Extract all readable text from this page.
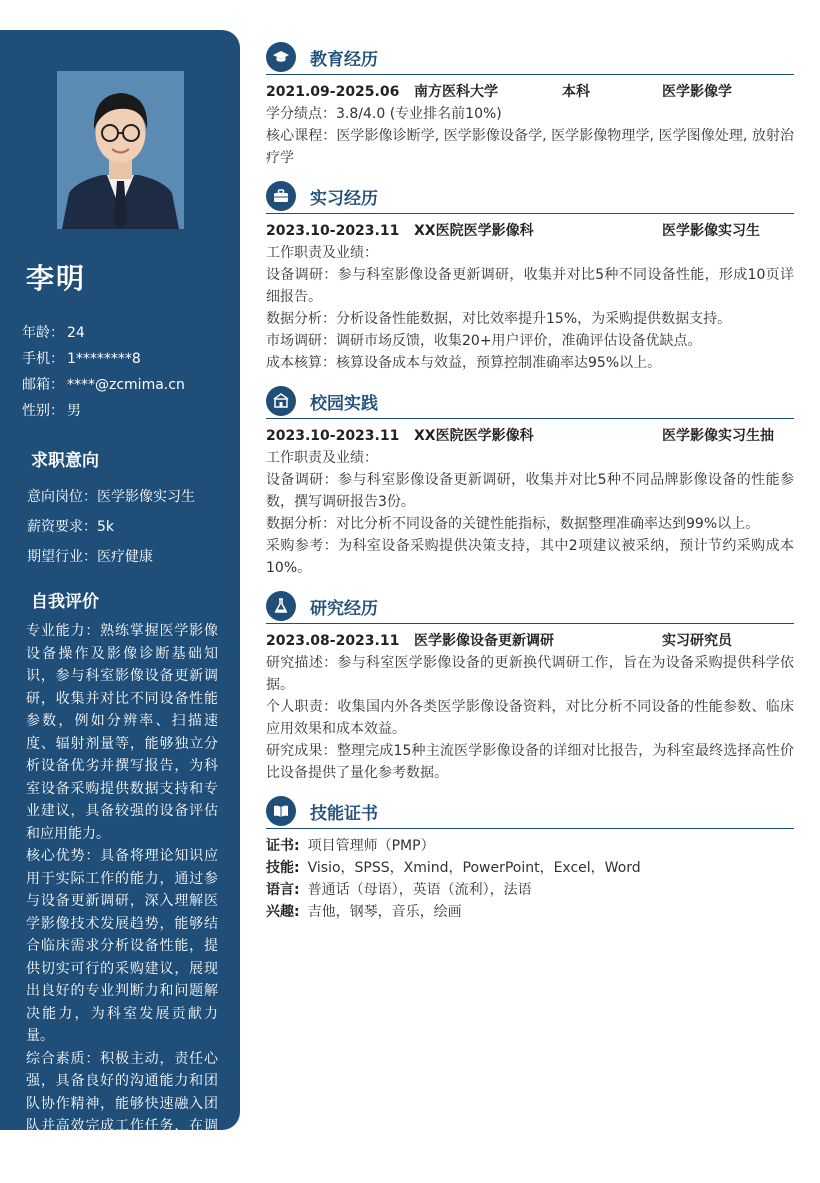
李明
年龄： 24
手机： 1********8
邮箱： ****@zcmima.cn
性别： 男
求职意向
意向岗位：医学影像实习生
薪资要求：5k
期望行业：医疗健康
自我评价

专业能力：熟练掌握医学影像设备操作及影像诊断基础知识，参与科室影像设备更新调研，收集并对比不同设备性能参数，例如分辨率、扫描速度、辐射剂量等，能够独立分析设备优劣并撰写报告，为科室设备采购提供数据支持和专业建议，具备较强的设备评估和应用能力。

核心优势：具备将理论知识应用于实际工作的能力，通过参与设备更新调研，深入理解医学影像技术发展趋势，能够结合临床需求分析设备性能，提供切实可行的采购建议，展现出良好的专业判断力和问题解决能力，为科室发展贡献力量。

综合素质：积极主动，责任心强，具备良好的沟通能力和团队协作精神，能够快速融入团队并高效完成工作任务，在调研过程中，与同事、供应商保持良好沟通。

教育经历
2021.09-2025.06	南方医科大学	本科	医学影像学
学分绩点：3.8/4.0 (专业排名前10%)
核心课程：医学影像诊断学, 医学影像设备学, 医学影像物理学, 医学图像处理, 放射治疗学
实习经历
2023.10-2023.11	XX医院医学影像科	医学影像实习生
工作职责及业绩：
设备调研：参与科室影像设备更新调研，收集并对比5种不同设备性能，形成10页详细报告。
数据分析：分析设备性能数据，对比效率提升15%，为采购提供数据支持。
市场调研：调研市场反馈，收集20+用户评价，准确评估设备优缺点。
成本核算：核算设备成本与效益，预算控制准确率达95%以上。
校园实践
2023.10-2023.11	XX医院医学影像科	医学影像实习生抽
工作职责及业绩：
设备调研：参与科室影像设备更新调研，收集并对比5种不同品牌影像设备的性能参数，撰写调研报告3份。
数据分析：对比分析不同设备的关键性能指标，数据整理准确率达到99%以上。
采购参考：为科室设备采购提供决策支持，其中2项建议被采纳，预计节约采购成本10%。
研究经历
2023.08-2023.11	医学影像设备更新调研	实习研究员
研究描述：参与科室医学影像设备的更新换代调研工作，旨在为设备采购提供科学依据。
个人职责：收集国内外各类医学影像设备资料，对比分析不同设备的性能参数、临床应用效果和成本效益。
研究成果：整理完成15种主流医学影像设备的详细对比报告，为科室最终选择高性价比设备提供了量化参考数据。
技能证书
证书: 项目管理师（PMP）
技能: Visio，SPSS，Xmind，PowerPoint，Excel，Word
语言: 普通话（母语），英语（流利），法语
兴趣: 吉他，钢琴，音乐，绘画
